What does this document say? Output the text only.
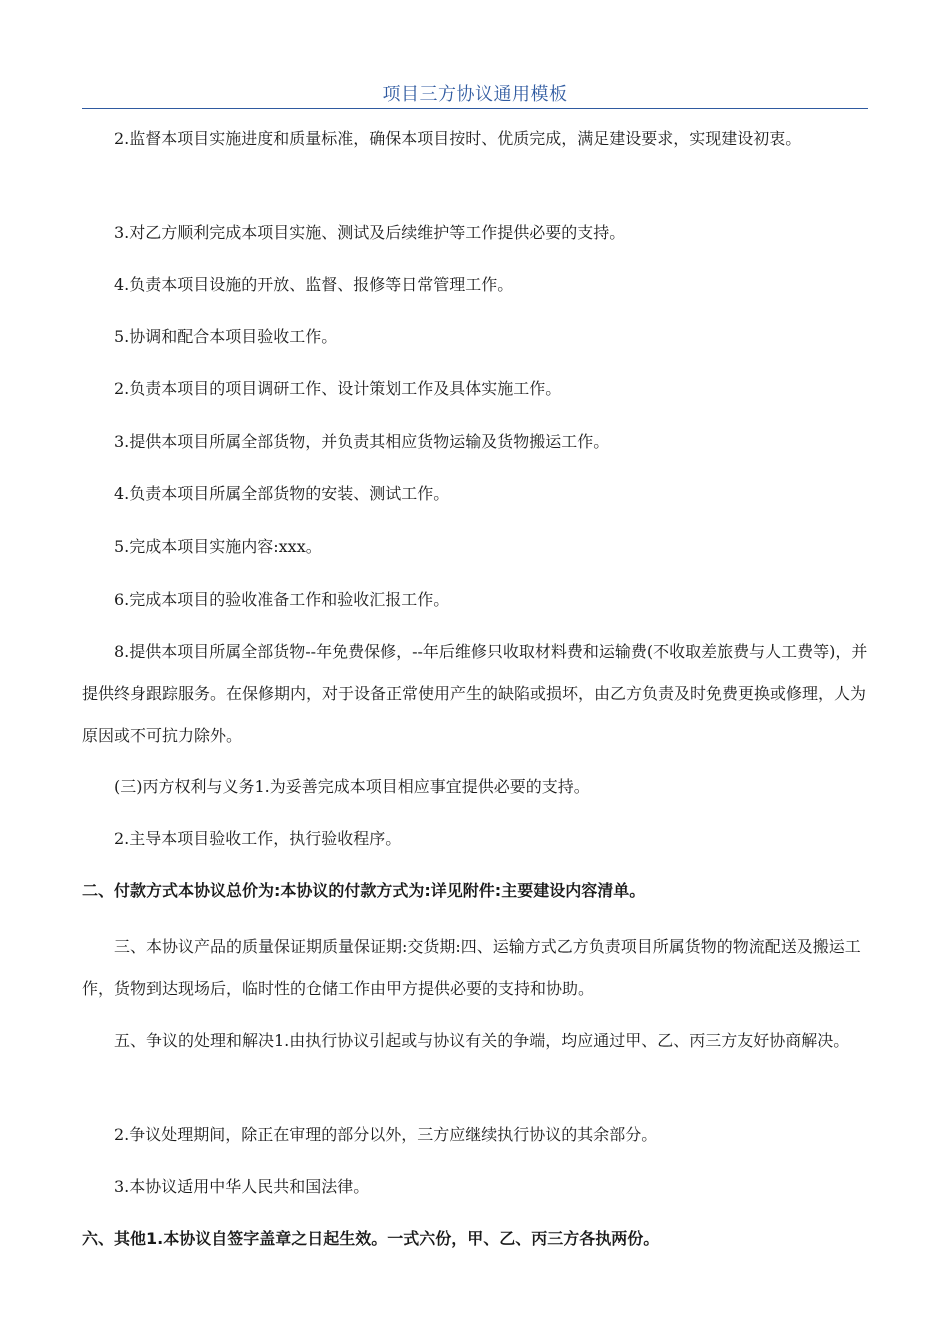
项目三方协议通用模板

2.监督本项目实施进度和质量标准，确保本项目按时、优质完成，满足建设要求，实现建设初衷。

3.对乙方顺利完成本项目实施、测试及后续维护等工作提供必要的支持。

4.负责本项目设施的开放、监督、报修等日常管理工作。

5.协调和配合本项目验收工作。

2.负责本项目的项目调研工作、设计策划工作及具体实施工作。

3.提供本项目所属全部货物，并负责其相应货物运输及货物搬运工作。

4.负责本项目所属全部货物的安装、测试工作。

5.完成本项目实施内容:xxx。

6.完成本项目的验收准备工作和验收汇报工作。

8.提供本项目所属全部货物--年免费保修，--年后维修只收取材料费和运输费(不收取差旅费与人工费等)，并提供终身跟踪服务。在保修期内，对于设备正常使用产生的缺陷或损坏，由乙方负责及时免费更换或修理，人为原因或不可抗力除外。

(三)丙方权利与义务1.为妥善完成本项目相应事宜提供必要的支持。

2.主导本项目验收工作，执行验收程序。

二、付款方式本协议总价为:本协议的付款方式为:详见附件:主要建设内容清单。

三、本协议产品的质量保证期质量保证期:交货期:四、运输方式乙方负责项目所属货物的物流配送及搬运工作，货物到达现场后，临时性的仓储工作由甲方提供必要的支持和协助。

五、争议的处理和解决1.由执行协议引起或与协议有关的争端，均应通过甲、乙、丙三方友好协商解决。

2.争议处理期间，除正在审理的部分以外，三方应继续执行协议的其余部分。

3.本协议适用中华人民共和国法律。

六、其他1.本协议自签字盖章之日起生效。一式六份，甲、乙、丙三方各执两份。
